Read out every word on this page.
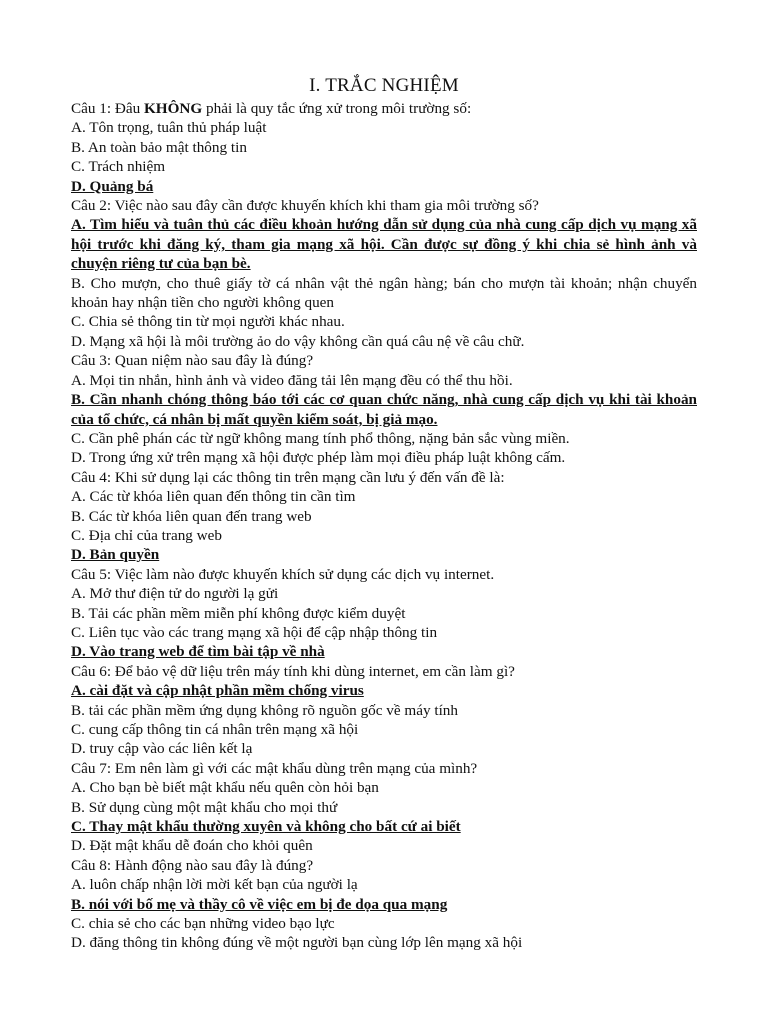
I. TRẮC NGHIỆM

Câu 1: Đâu KHÔNG phải là quy tắc ứng xử trong môi trường số:

A. Tôn trọng, tuân thủ pháp luật

B. An toàn bảo mật thông tin

C. Trách nhiệm

D. Quảng bá

Câu 2: Việc nào sau đây cần được khuyến khích khi tham gia môi trường số?

A. Tìm hiểu và tuân thủ các điều khoản hướng dẫn sử dụng của nhà cung cấp dịch vụ mạng xã hội trước khi đăng ký, tham gia mạng xã hội. Cần được sự đồng ý khi chia sẻ hình ảnh và chuyện riêng tư của bạn bè.

B. Cho mượn, cho thuê giấy tờ cá nhân vật thẻ ngân hàng; bán cho mượn tài khoản; nhận chuyển khoản hay nhận tiền cho người không quen

C. Chia sẻ thông tin từ mọi người khác nhau.

D. Mạng xã hội là môi trường ảo do vậy không cần quá câu nệ về câu chữ.

Câu 3: Quan niệm nào sau đây là đúng?

A. Mọi tin nhắn, hình ảnh và video đăng tải lên mạng đều có thể thu hồi.

B. Cần nhanh chóng thông báo tới các cơ quan chức năng, nhà cung cấp dịch vụ khi tài khoản của tổ chức, cá nhân bị mất quyền kiểm soát, bị giả mạo.

C. Cần phê phán các từ ngữ không mang tính phổ thông, nặng bản sắc vùng miền.

D. Trong ứng xử trên mạng xã hội được phép làm mọi điều pháp luật không cấm.

Câu 4: Khi sử dụng lại các thông tin trên mạng cần lưu ý đến vấn đề là:

A. Các từ khóa liên quan đến thông tin cần tìm

B. Các từ khóa liên quan đến trang web

C. Địa chỉ của trang web

D. Bản quyền

Câu 5: Việc làm nào được khuyến khích sử dụng các dịch vụ internet.

A. Mở thư điện tử do người lạ gửi

B. Tải các phần mềm miễn phí không được kiểm duyệt

C. Liên tục vào các trang mạng xã hội để cập nhập thông tin

D. Vào trang web để tìm bài tập về nhà

Câu 6: Để bảo vệ dữ liệu trên máy tính khi dùng internet, em cần làm gì?

A. cài đặt và cập nhật phần mềm chống virus

B. tải các phần mềm ứng dụng không rõ nguồn gốc về máy tính

C. cung cấp thông tin cá nhân trên mạng xã hội

D. truy cập vào các liên kết lạ

Câu 7: Em nên làm gì với các mật khẩu dùng trên mạng của mình?

A. Cho bạn bè biết mật khẩu nếu quên còn hỏi bạn

B. Sử dụng cùng một mật khẩu cho mọi thứ

C. Thay mật khẩu thường xuyên và không cho bất cứ ai biết

D. Đặt mật khẩu dễ đoán cho khỏi quên

Câu 8: Hành động nào sau đây là đúng?

A. luôn chấp nhận lời mời kết bạn của người lạ

B. nói với bố mẹ và thầy cô về việc em bị đe dọa qua mạng

C. chia sẻ cho các bạn những video bạo lực

D. đăng thông tin không đúng về một người bạn cùng lớp lên mạng xã hội
